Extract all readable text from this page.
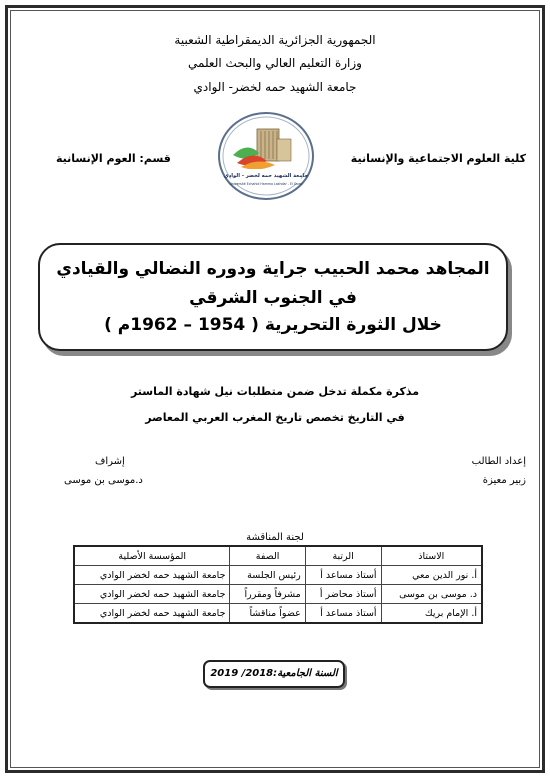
الجمهورية الجزائرية الديمقراطية الشعبية
وزارة التعليم العالي والبحث العلمي
جامعة الشهيد حمه لخضر- الوادي
كلية العلوم الاجتماعية والإنسانية
قسم: العوم الإنسانية
جامعة الشهيد حمه لخضر - الوادي
Université Echahid Hamma Lakhdar - El Oued
المجاهد محمد الحبيب جراية ودوره النضالي والقيادي
في الجنوب الشرقي
خلال الثورة التحريرية ( 1954 – 1962م )
مذكرة مكملة تدخل ضمن متطلبات نيل شهادة الماستر
في التاريخ تخصص تاريخ المغرب العربي المعاصر
إعداد الطالب
زبير معيزة
إشراف
د.موسى بن موسى
لجنة المناقشة
الاستاذ	الرتبة	الصفة	المؤسسة الأصلية
أ. نور الدين معي	أستاذ مساعد أ	رئيس الجلسة	جامعة الشهيد حمه لخضر الوادي
د. موسى بن موسى	أستاذ محاضر أ	مشرفاً ومقرراً	جامعة الشهيد حمه لخضر الوادي
أ. الإمام بريك	أستاذ مساعد أ	عضواً مناقشاً	جامعة الشهيد حمه لخضر الوادي
السنة الجامعية:2018/ 2019
